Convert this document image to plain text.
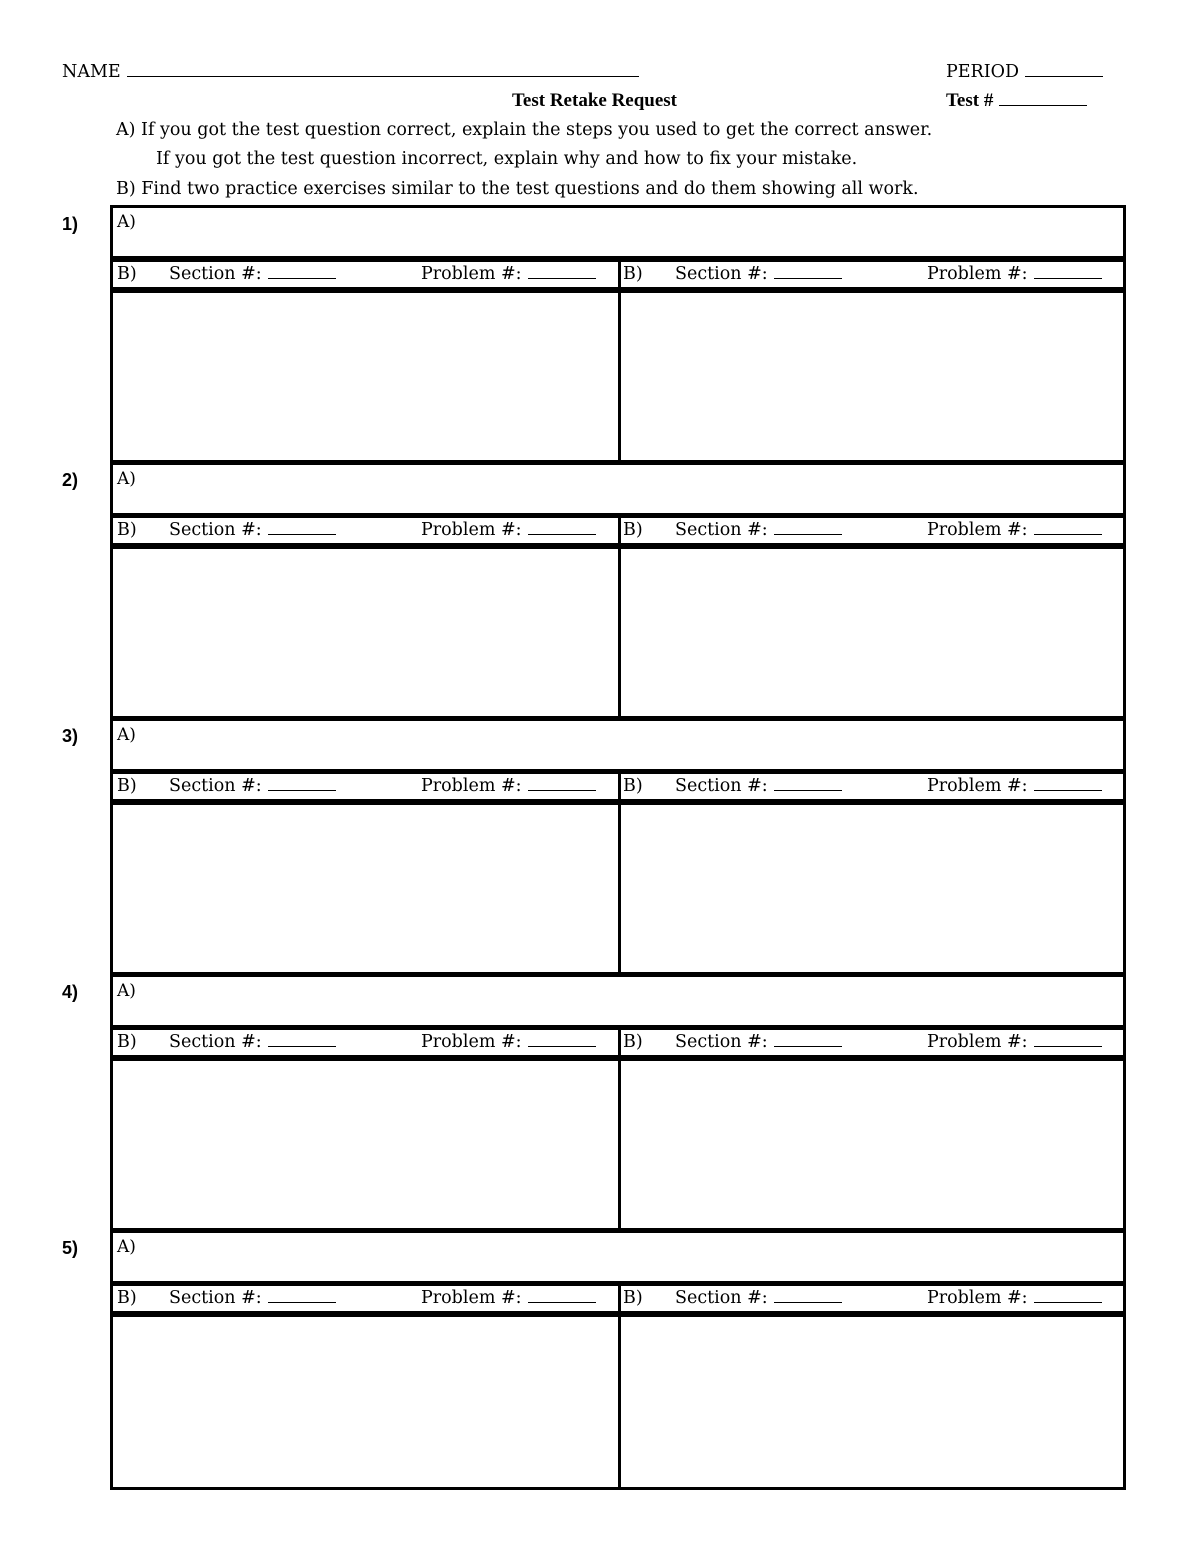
NAME	PERIOD
Test Retake Request	Test #
A) If you got the test question correct, explain the steps you used to get the correct answer.
If you got the test question incorrect, explain why and how to fix your mistake.
B) Find two practice exercises similar to the test questions and do them showing all work.
1) A)
B) Section #:	Problem #:	B) Section #:	Problem #:
2) A)
B) Section #:	Problem #:	B) Section #:	Problem #:
3) A)
B) Section #:	Problem #:	B) Section #:	Problem #:
4) A)
B) Section #:	Problem #:	B) Section #:	Problem #:
5) A)
B) Section #:	Problem #:	B) Section #:	Problem #:
